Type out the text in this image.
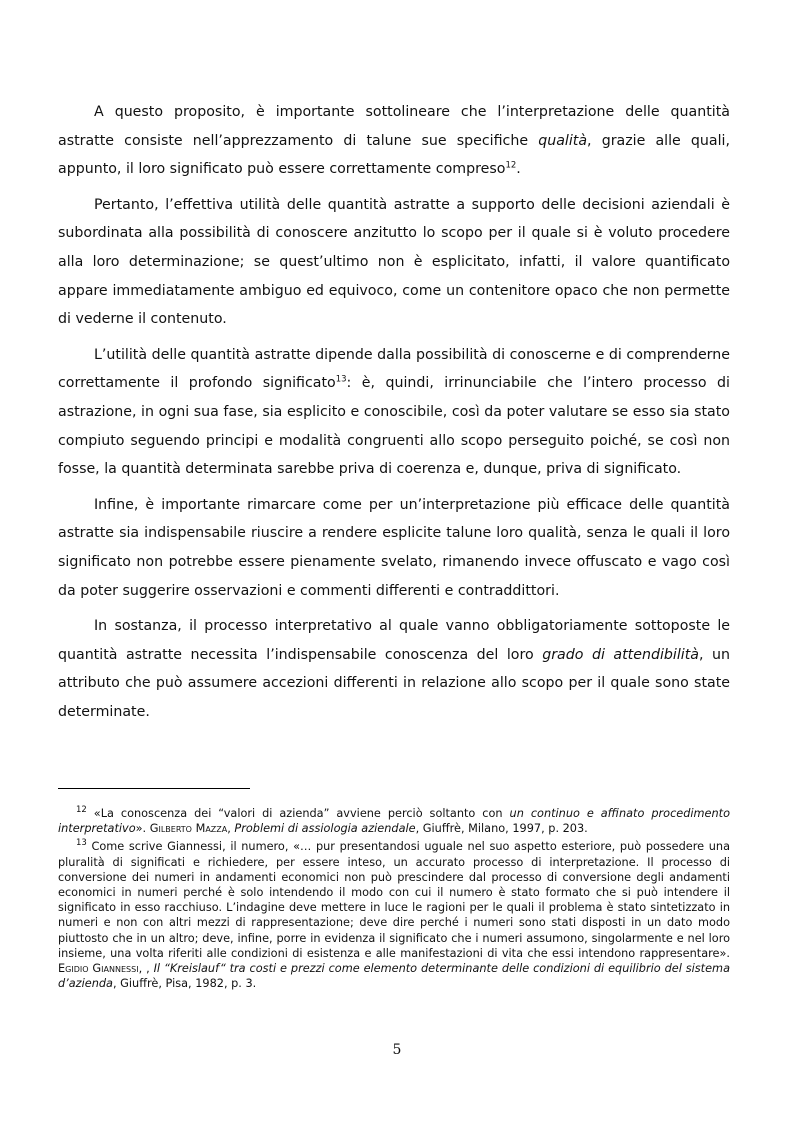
A questo proposito, è importante sottolineare che l’interpretazione delle quantità astratte consiste nell’apprezzamento di talune sue specifiche qualità, grazie alle quali, appunto, il loro significato può essere correttamente compreso$^{12}$.

Pertanto, l’effettiva utilità delle quantità astratte a supporto delle decisioni aziendali è subordinata alla possibilità di conoscere anzitutto lo scopo per il quale si è voluto procedere alla loro determinazione; se quest’ultimo non è esplicitato, infatti, il valore quantificato appare immediatamente ambiguo ed equivoco, come un contenitore opaco che non permette di vederne il contenuto.

L’utilità delle quantità astratte dipende dalla possibilità di conoscerne e di comprenderne correttamente il profondo significato$^{13}$: è, quindi, irrinunciabile che l’intero processo di astrazione, in ogni sua fase, sia esplicito e conoscibile, così da poter valutare se esso sia stato compiuto seguendo principi e modalità congruenti allo scopo perseguito poiché, se così non fosse, la quantità determinata sarebbe priva di coerenza e, dunque, priva di significato.

Infine, è importante rimarcare come per un’interpretazione più efficace delle quantità astratte sia indispensabile riuscire a rendere esplicite talune loro qualità, senza le quali il loro significato non potrebbe essere pienamente svelato, rimanendo invece offuscato e vago così da poter suggerire osservazioni e commenti differenti e contraddittori.

In sostanza, il processo interpretativo al quale vanno obbligatoriamente sottoposte le quantità astratte necessita l’indispensabile conoscenza del loro grado di attendibilità, un attributo che può assumere accezioni differenti in relazione allo scopo per il quale sono state determinate.

$^{12}$ «La conoscenza dei “valori di azienda” avviene perciò soltanto con un continuo e affinato procedimento interpretativo». Gilberto Mazza, Problemi di assiologia aziendale, Giuffrè, Milano, 1997, p. 203.

$^{13}$ Come scrive Giannessi, il numero, «… pur presentandosi uguale nel suo aspetto esteriore, può possedere una pluralità di significati e richiedere, per essere inteso, un accurato processo di interpretazione. Il processo di conversione dei numeri in andamenti economici non può prescindere dal processo di conversione degli andamenti economici in numeri perché è solo intendendo il modo con cui il numero è stato formato che si può intendere il significato in esso racchiuso. L’indagine deve mettere in luce le ragioni per le quali il problema è stato sintetizzato in numeri e non con altri mezzi di rappresentazione; deve dire perché i numeri sono stati disposti in un dato modo piuttosto che in un altro; deve, infine, porre in evidenza il significato che i numeri assumono, singolarmente e nel loro insieme, una volta riferiti alle condizioni di esistenza e alle manifestazioni di vita che essi intendono rappresentare». Egidio Giannessi, , Il “Kreislauf“ tra costi e prezzi come elemento determinante delle condizioni di equilibrio del sistema d’azienda, Giuffrè, Pisa, 1982, p. 3.

5
